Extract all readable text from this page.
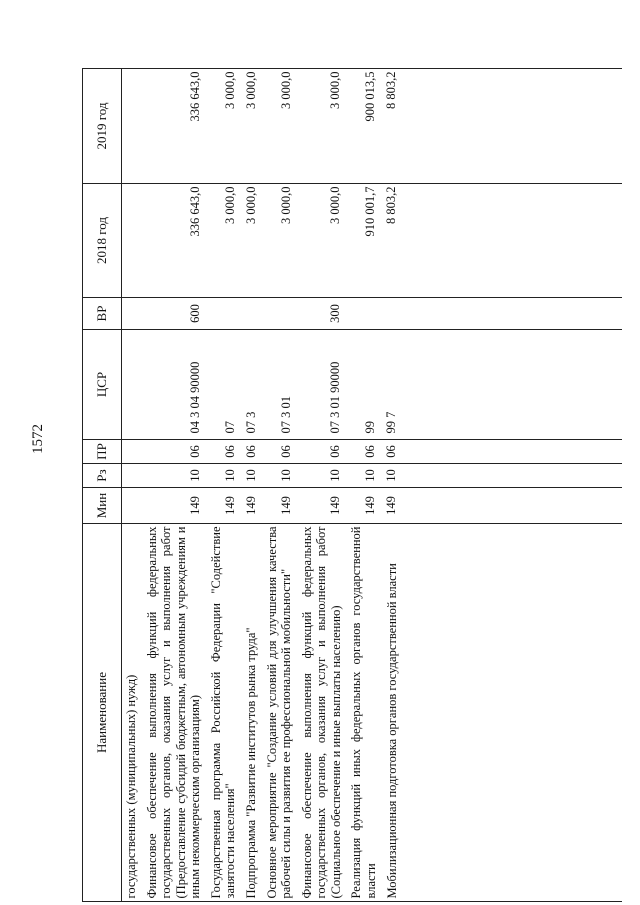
1572
Наименование	Мин	Рз	ПР	ЦСР	ВР	2018 год	2019 год
государственных (муниципальных) нужд)							
Финансовое обеспечение выполнения функций федеральных государственных органов, оказания услуг и выполнения работ (Предоставление субсидий бюджетным, автономным учреждениям и иным некоммерческим организациям)	149	10	06	04 3 04 90000	600	336 643,0	336 643,0
Государственная программа Российской Федерации "Содействие занятости населения"	149	10	06	07		3 000,0	3 000,0
Подпрограмма "Развитие институтов рынка труда"	149	10	06	07 3		3 000,0	3 000,0
Основное мероприятие "Создание условий для улучшения качества рабочей силы и развития ее профессиональной мобильности"	149	10	06	07 3 01		3 000,0	3 000,0
Финансовое обеспечение выполнения функций федеральных государственных органов, оказания услуг и выполнения работ (Социальное обеспечение и иные выплаты населению)	149	10	06	07 3 01 90000	300	3 000,0	3 000,0
Реализация функций иных федеральных органов государственной власти	149	10	06	99		910 001,7	900 013,5
Мобилизационная подготовка органов государственной власти	149	10	06	99 7		8 803,2	8 803,2
